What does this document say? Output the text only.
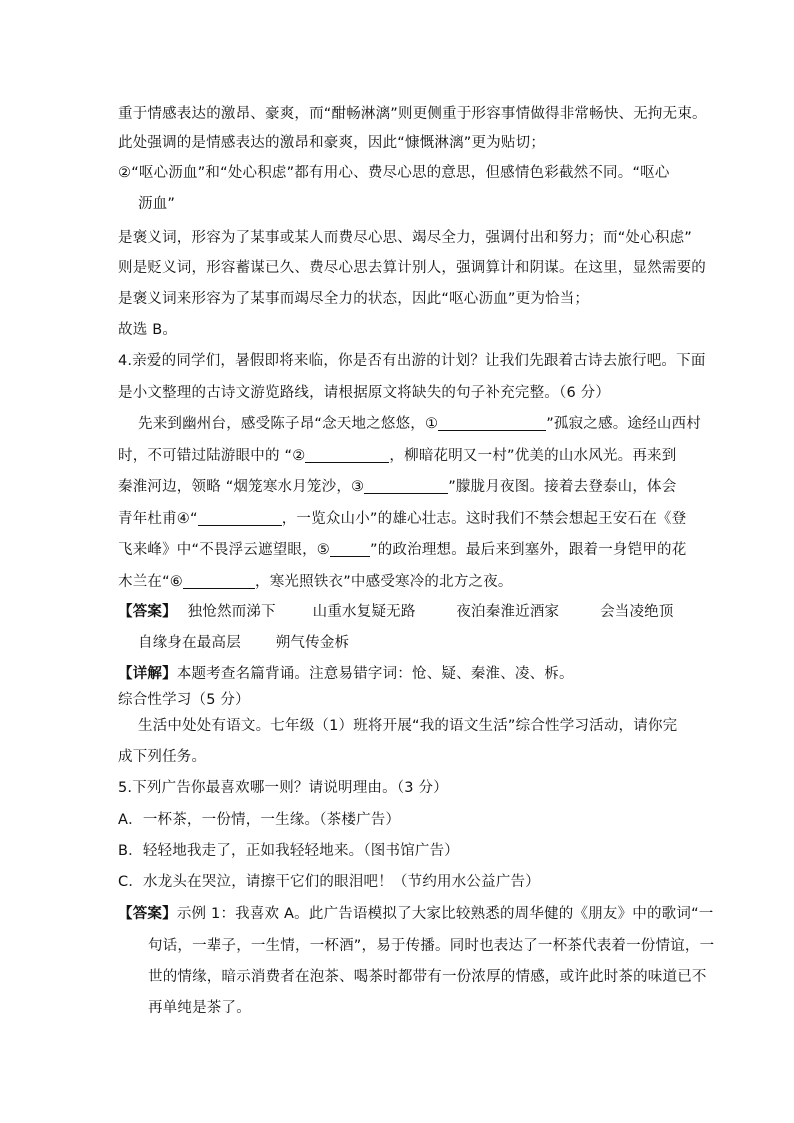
重于情感表达的激昂、豪爽，而“酣畅淋漓”则更侧重于形容事情做得非常畅快、无拘无束。
此处强调的是情感表达的激昂和豪爽，因此“慷慨淋漓”更为贴切；
②“呕心沥血”和“处心积虑”都有用心、费尽心思的意思，但感情色彩截然不同。“呕心
沥血”
是褒义词，形容为了某事或某人而费尽心思、竭尽全力，强调付出和努力；而“处心积虑”
则是贬义词，形容蓄谋已久、费尽心思去算计别人，强调算计和阴谋。在这里，显然需要的
是褒义词来形容为了某事而竭尽全力的状态，因此“呕心沥血”更为恰当；
故选 B。
4.亲爱的同学们，暑假即将来临，你是否有出游的计划？让我们先跟着古诗去旅行吧。下面
是小文整理的古诗文游览路线，请根据原文将缺失的句子补充完整。（6 分）
先来到幽州台，感受陈子昂“念天地之悠悠，①	”孤寂之感。途经山西村
时，不可错过陆游眼中的 “②	，柳暗花明又一村”优美的山水风光。再来到
秦淮河边，领略 “烟笼寒水月笼沙，③	”朦胧月夜图。接着去登泰山，体会
青年杜甫④“	，一览众山小”的雄心壮志。这时我们不禁会想起王安石在《登
飞来峰》中“不畏浮云遮望眼，⑤	”的政治理想。最后来到塞外，跟着一身铠甲的花
木兰在“⑥	，寒光照铁衣”中感受寒冷的北方之夜。
【答案】 独怆然而涕下	山重水复疑无路	夜泊秦淮近酒家	会当凌绝顶
自缘身在最高层 朔气传金柝
【详解】本题考查名篇背诵。注意易错字词：怆、疑、秦淮、凌、柝。
综合性学习（5 分）
生活中处处有语文。七年级（1）班将开展“我的语文生活”综合性学习活动，请你完
成下列任务。
5.下列广告你最喜欢哪一则？请说明理由。（3 分）
A．一杯茶，一份情，一生缘。（茶楼广告）
B．轻轻地我走了，正如我轻轻地来。（图书馆广告）
C．水龙头在哭泣，请擦干它们的眼泪吧！（节约用水公益广告）
【答案】示例 1：我喜欢 A。此广告语模拟了大家比较熟悉的周华健的《朋友》中的歌词“一
句话，一辈子，一生情，一杯酒”，易于传播。同时也表达了一杯茶代表着一份情谊，一
世的情缘，暗示消费者在泡茶、喝茶时都带有一份浓厚的情感，或许此时茶的味道已不
再单纯是茶了。
